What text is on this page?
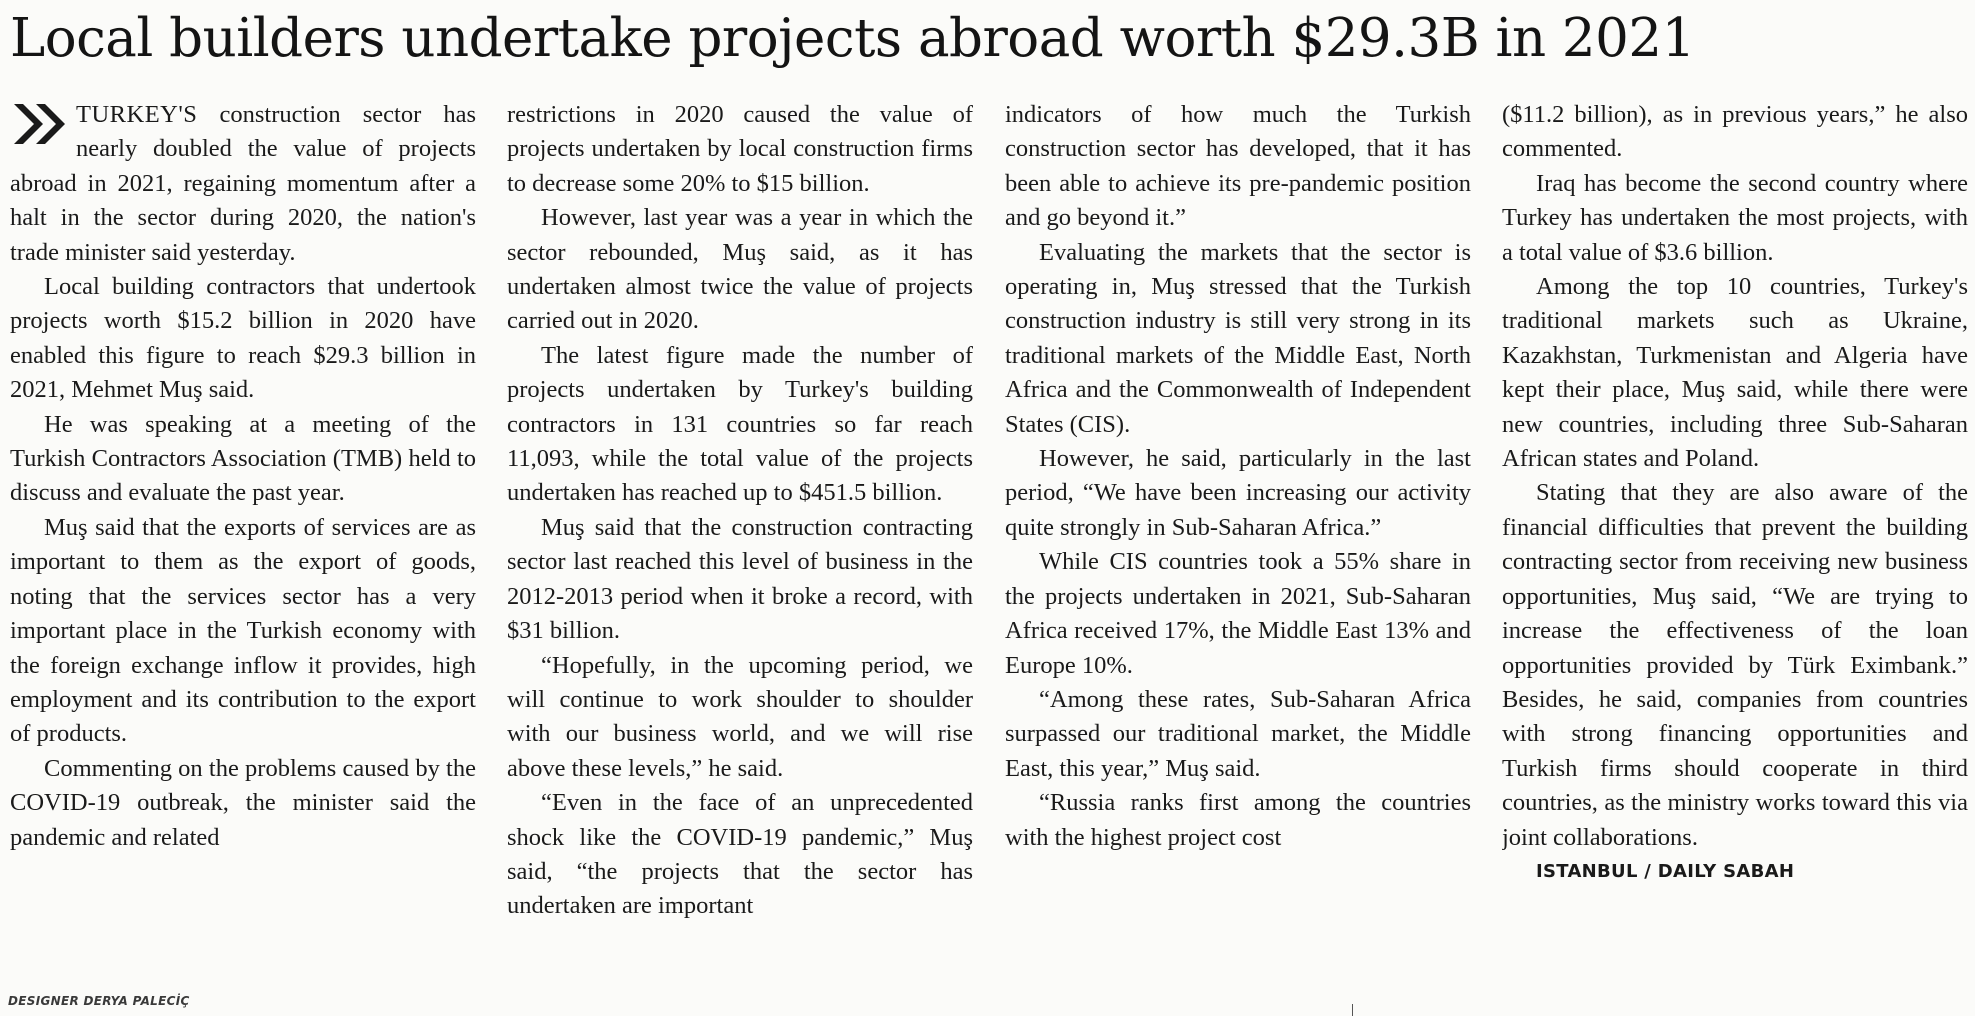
Local builders undertake projects abroad worth $29.3B in 2021

TURKEY'S construction sector has nearly doubled the value of projects abroad in 2021, regaining momentum after a halt in the sector during 2020, the nation's trade minister said yesterday.

Local building contractors that undertook projects worth $15.2 billion in 2020 have enabled this figure to reach $29.3 billion in 2021, Mehmet Muş said.

He was speaking at a meeting of the Turkish Contractors Association (TMB) held to discuss and evaluate the past year.

Muş said that the exports of services are as important to them as the export of goods, noting that the services sector has a very important place in the Turkish economy with the foreign exchange inflow it provides, high employment and its contribution to the export of products.

Commenting on the problems caused by the COVID-19 outbreak, the minister said the pandemic and related

restrictions in 2020 caused the value of projects undertaken by local construction firms to decrease some 20% to $15 billion.

However, last year was a year in which the sector rebounded, Muş said, as it has undertaken almost twice the value of projects carried out in 2020.

The latest figure made the number of projects undertaken by Turkey's building contractors in 131 countries so far reach 11,093, while the total value of the projects undertaken has reached up to $451.5 billion.

Muş said that the construction contracting sector last reached this level of business in the 2012-2013 period when it broke a record, with $31 billion.

“Hopefully, in the upcoming period, we will continue to work shoulder to shoulder with our business world, and we will rise above these levels,” he said.

“Even in the face of an unprecedented shock like the COVID-19 pandemic,” Muş said, “the projects that the sector has undertaken are important

indicators of how much the Turkish construction sector has developed, that it has been able to achieve its pre-pandemic position and go beyond it.”

Evaluating the markets that the sector is operating in, Muş stressed that the Turkish construction industry is still very strong in its traditional markets of the Middle East, North Africa and the Commonwealth of Independent States (CIS).

However, he said, particularly in the last period, “We have been increasing our activity quite strongly in Sub-Saharan Africa.”

While CIS countries took a 55% share in the projects undertaken in 2021, Sub-Saharan Africa received 17%, the Middle East 13% and Europe 10%.

“Among these rates, Sub-Saharan Africa surpassed our traditional market, the Middle East, this year,” Muş said.

“Russia ranks first among the countries with the highest project cost

($11.2 billion), as in previous years,” he also commented.

Iraq has become the second country where Turkey has undertaken the most projects, with a total value of $3.6 billion.

Among the top 10 countries, Turkey's traditional markets such as Ukraine, Kazakhstan, Turkmenistan and Algeria have kept their place, Muş said, while there were new countries, including three Sub-Saharan African states and Poland.

Stating that they are also aware of the financial difficulties that prevent the building contracting sector from receiving new business opportunities, Muş said, “We are trying to increase the effectiveness of the loan opportunities provided by Türk Eximbank.” Besides, he said, companies from countries with strong financing opportunities and Turkish firms should cooperate in third countries, as the ministry works toward this via joint collaborations.

ISTANBUL / DAILY SABAH

DESIGNER DERYA PALECİÇ
